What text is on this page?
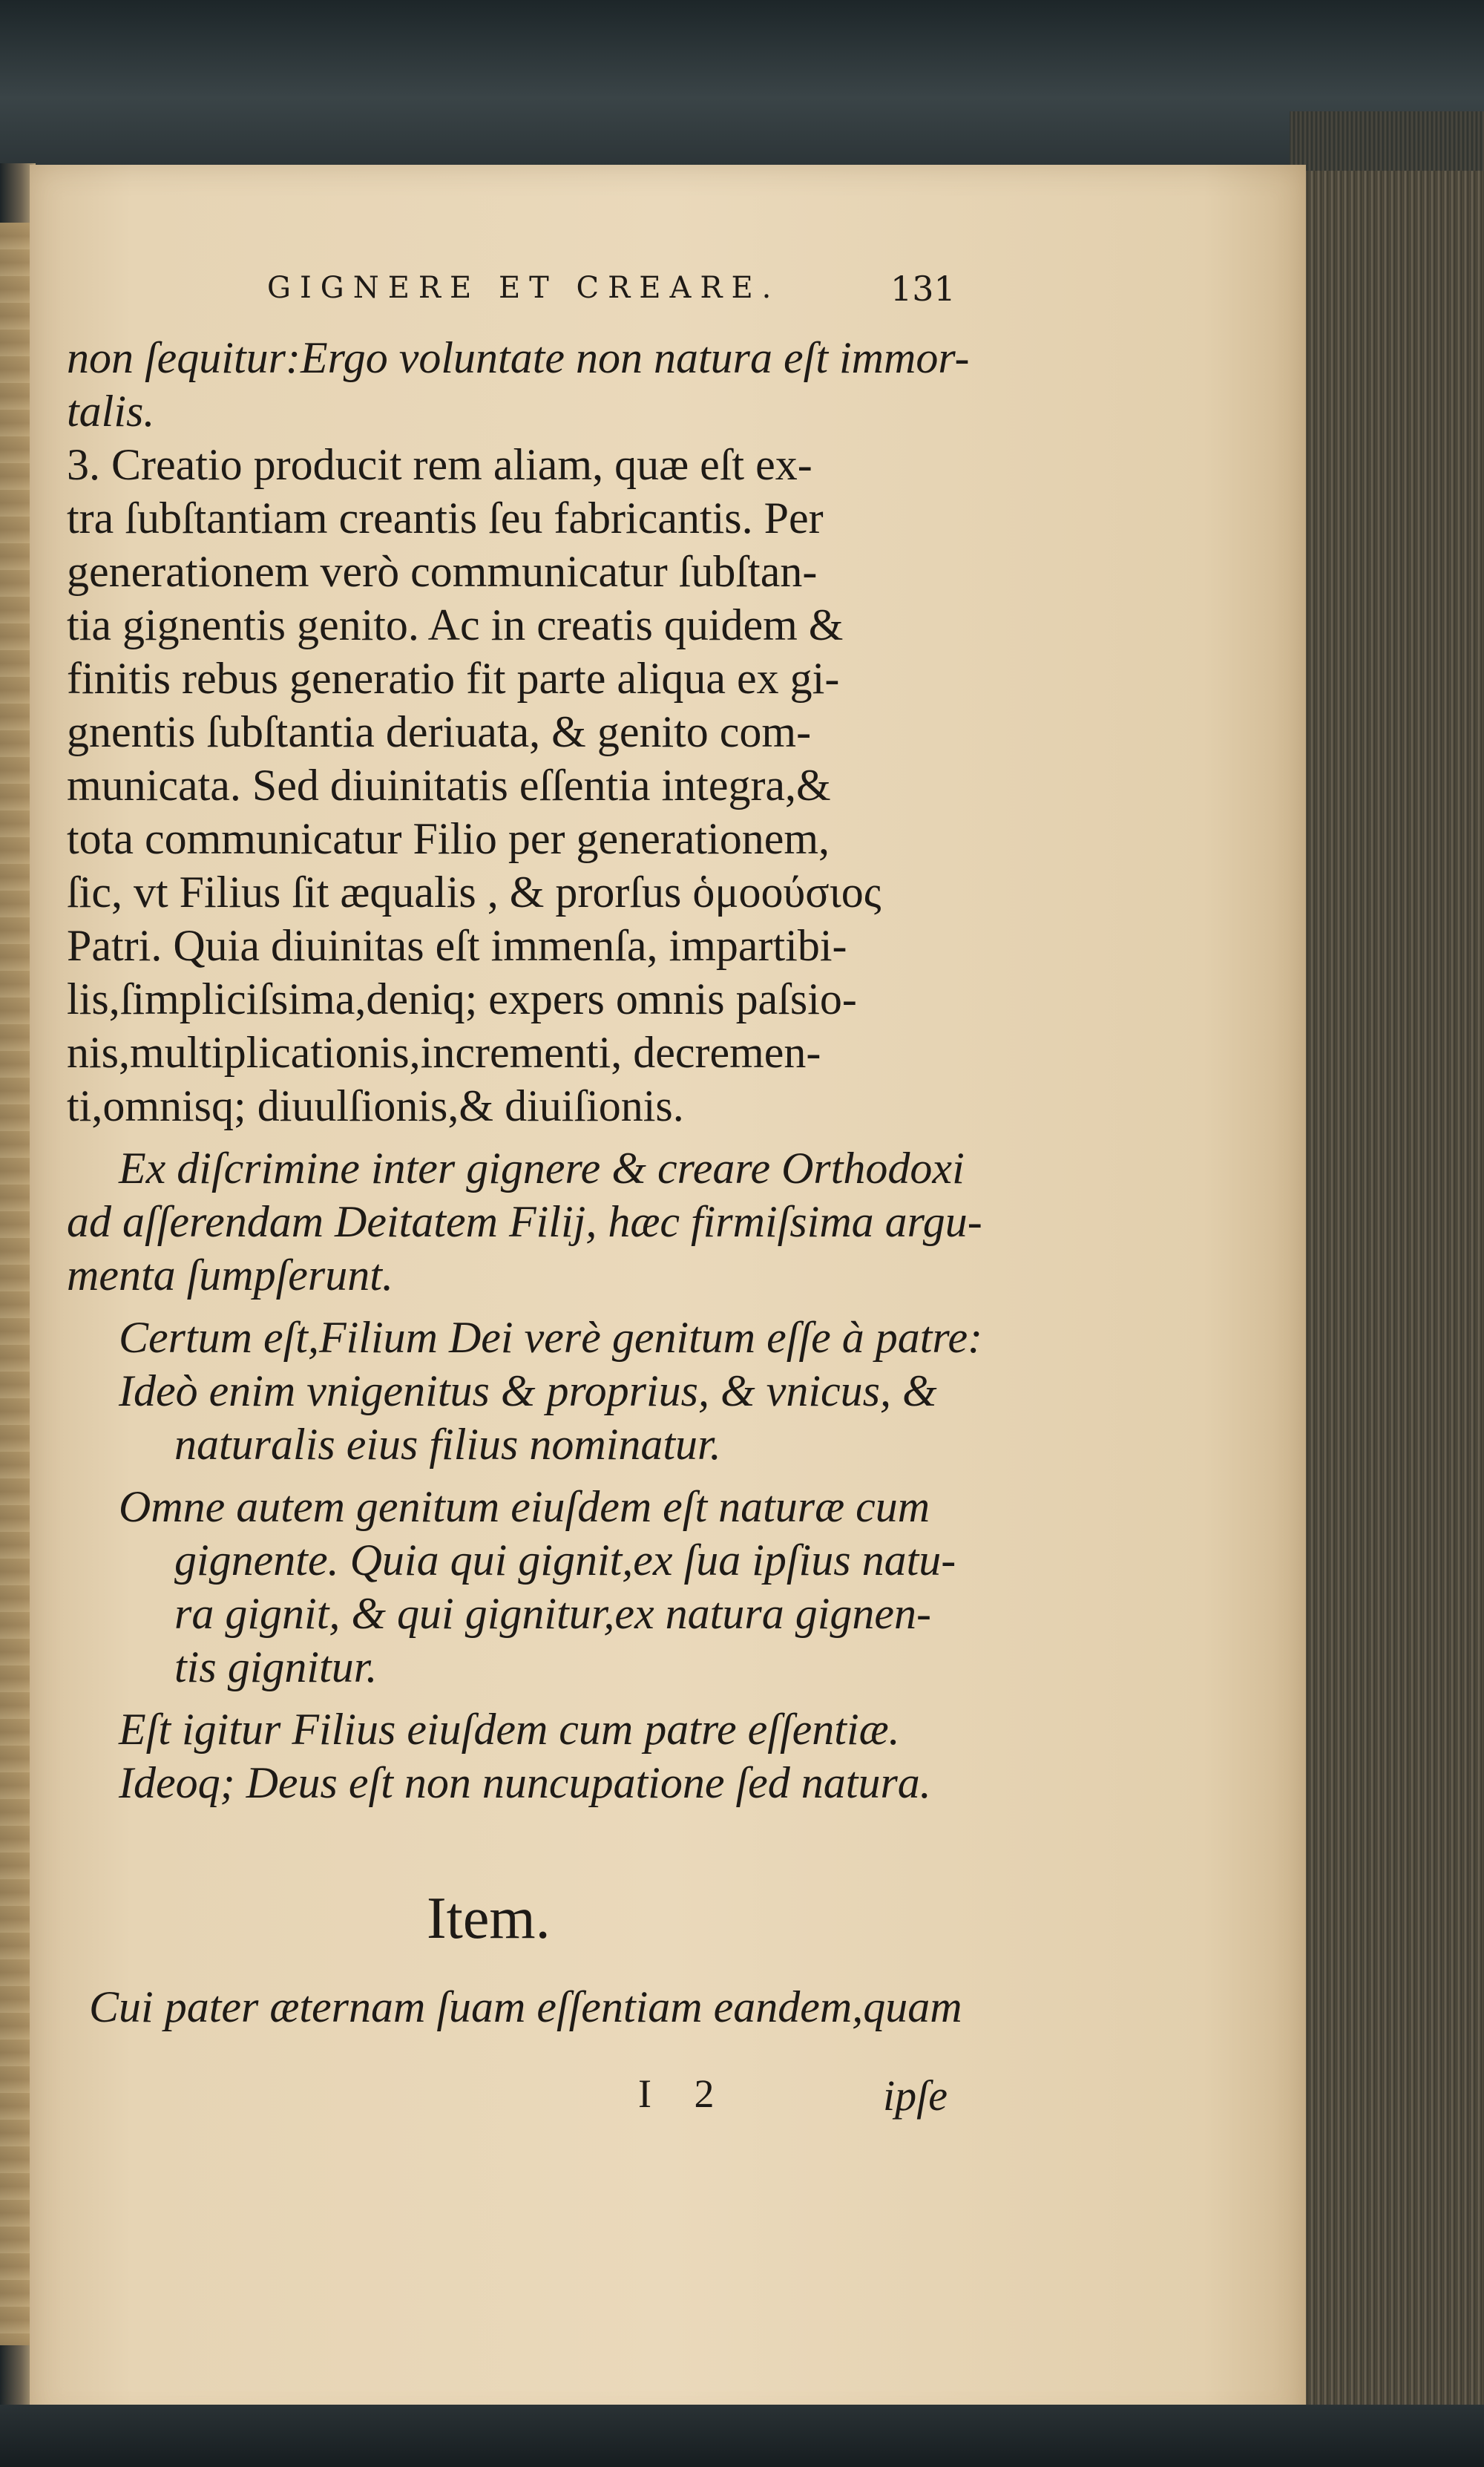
GIGNERE ET CREARE.	131
non ſequitur:Ergo voluntate non natura eſt immor-
talis.
3. Creatio producit rem aliam, quæ eſt ex-
tra ſubſtantiam creantis ſeu fabricantis. Per
generationem verò communicatur ſubſtan-
tia gignentis genito. Ac in creatis quidem &
finitis rebus generatio fit parte aliqua ex gi-
gnentis ſubſtantia deriuata, & genito com-
municata. Sed diuinitatis eſſentia integra,&
tota communicatur Filio per generationem,
ſic, vt Filius ſit æqualis , & prorſus ὁμοούσιος
Patri. Quia diuinitas eſt immenſa, impartibi-
lis,ſimpliciſsima,deniq; expers omnis paſsio-
nis,multiplicationis,incrementi, decremen-
ti,omnisq; diuulſionis,& diuiſionis.
Ex diſcrimine inter gignere & creare Orthodoxi
ad aſſerendam Deitatem Filij, hæc firmiſsima argu-
menta ſumpſerunt.
Certum eſt,Filium Dei verè genitum eſſe à patre:
Ideò enim vnigenitus & proprius, & vnicus, &
naturalis eius filius nominatur.
Omne autem genitum eiuſdem eſt naturæ cum
gignente. Quia qui gignit,ex ſua ipſius natu-
ra gignit, & qui gignitur,ex natura gignen-
tis gignitur.
Eſt igitur Filius eiuſdem cum patre eſſentiæ.
Ideoq; Deus eſt non nuncupatione ſed natura.
Item.
Cui pater æternam ſuam eſſentiam eandem,quam
I 2	ipſe
